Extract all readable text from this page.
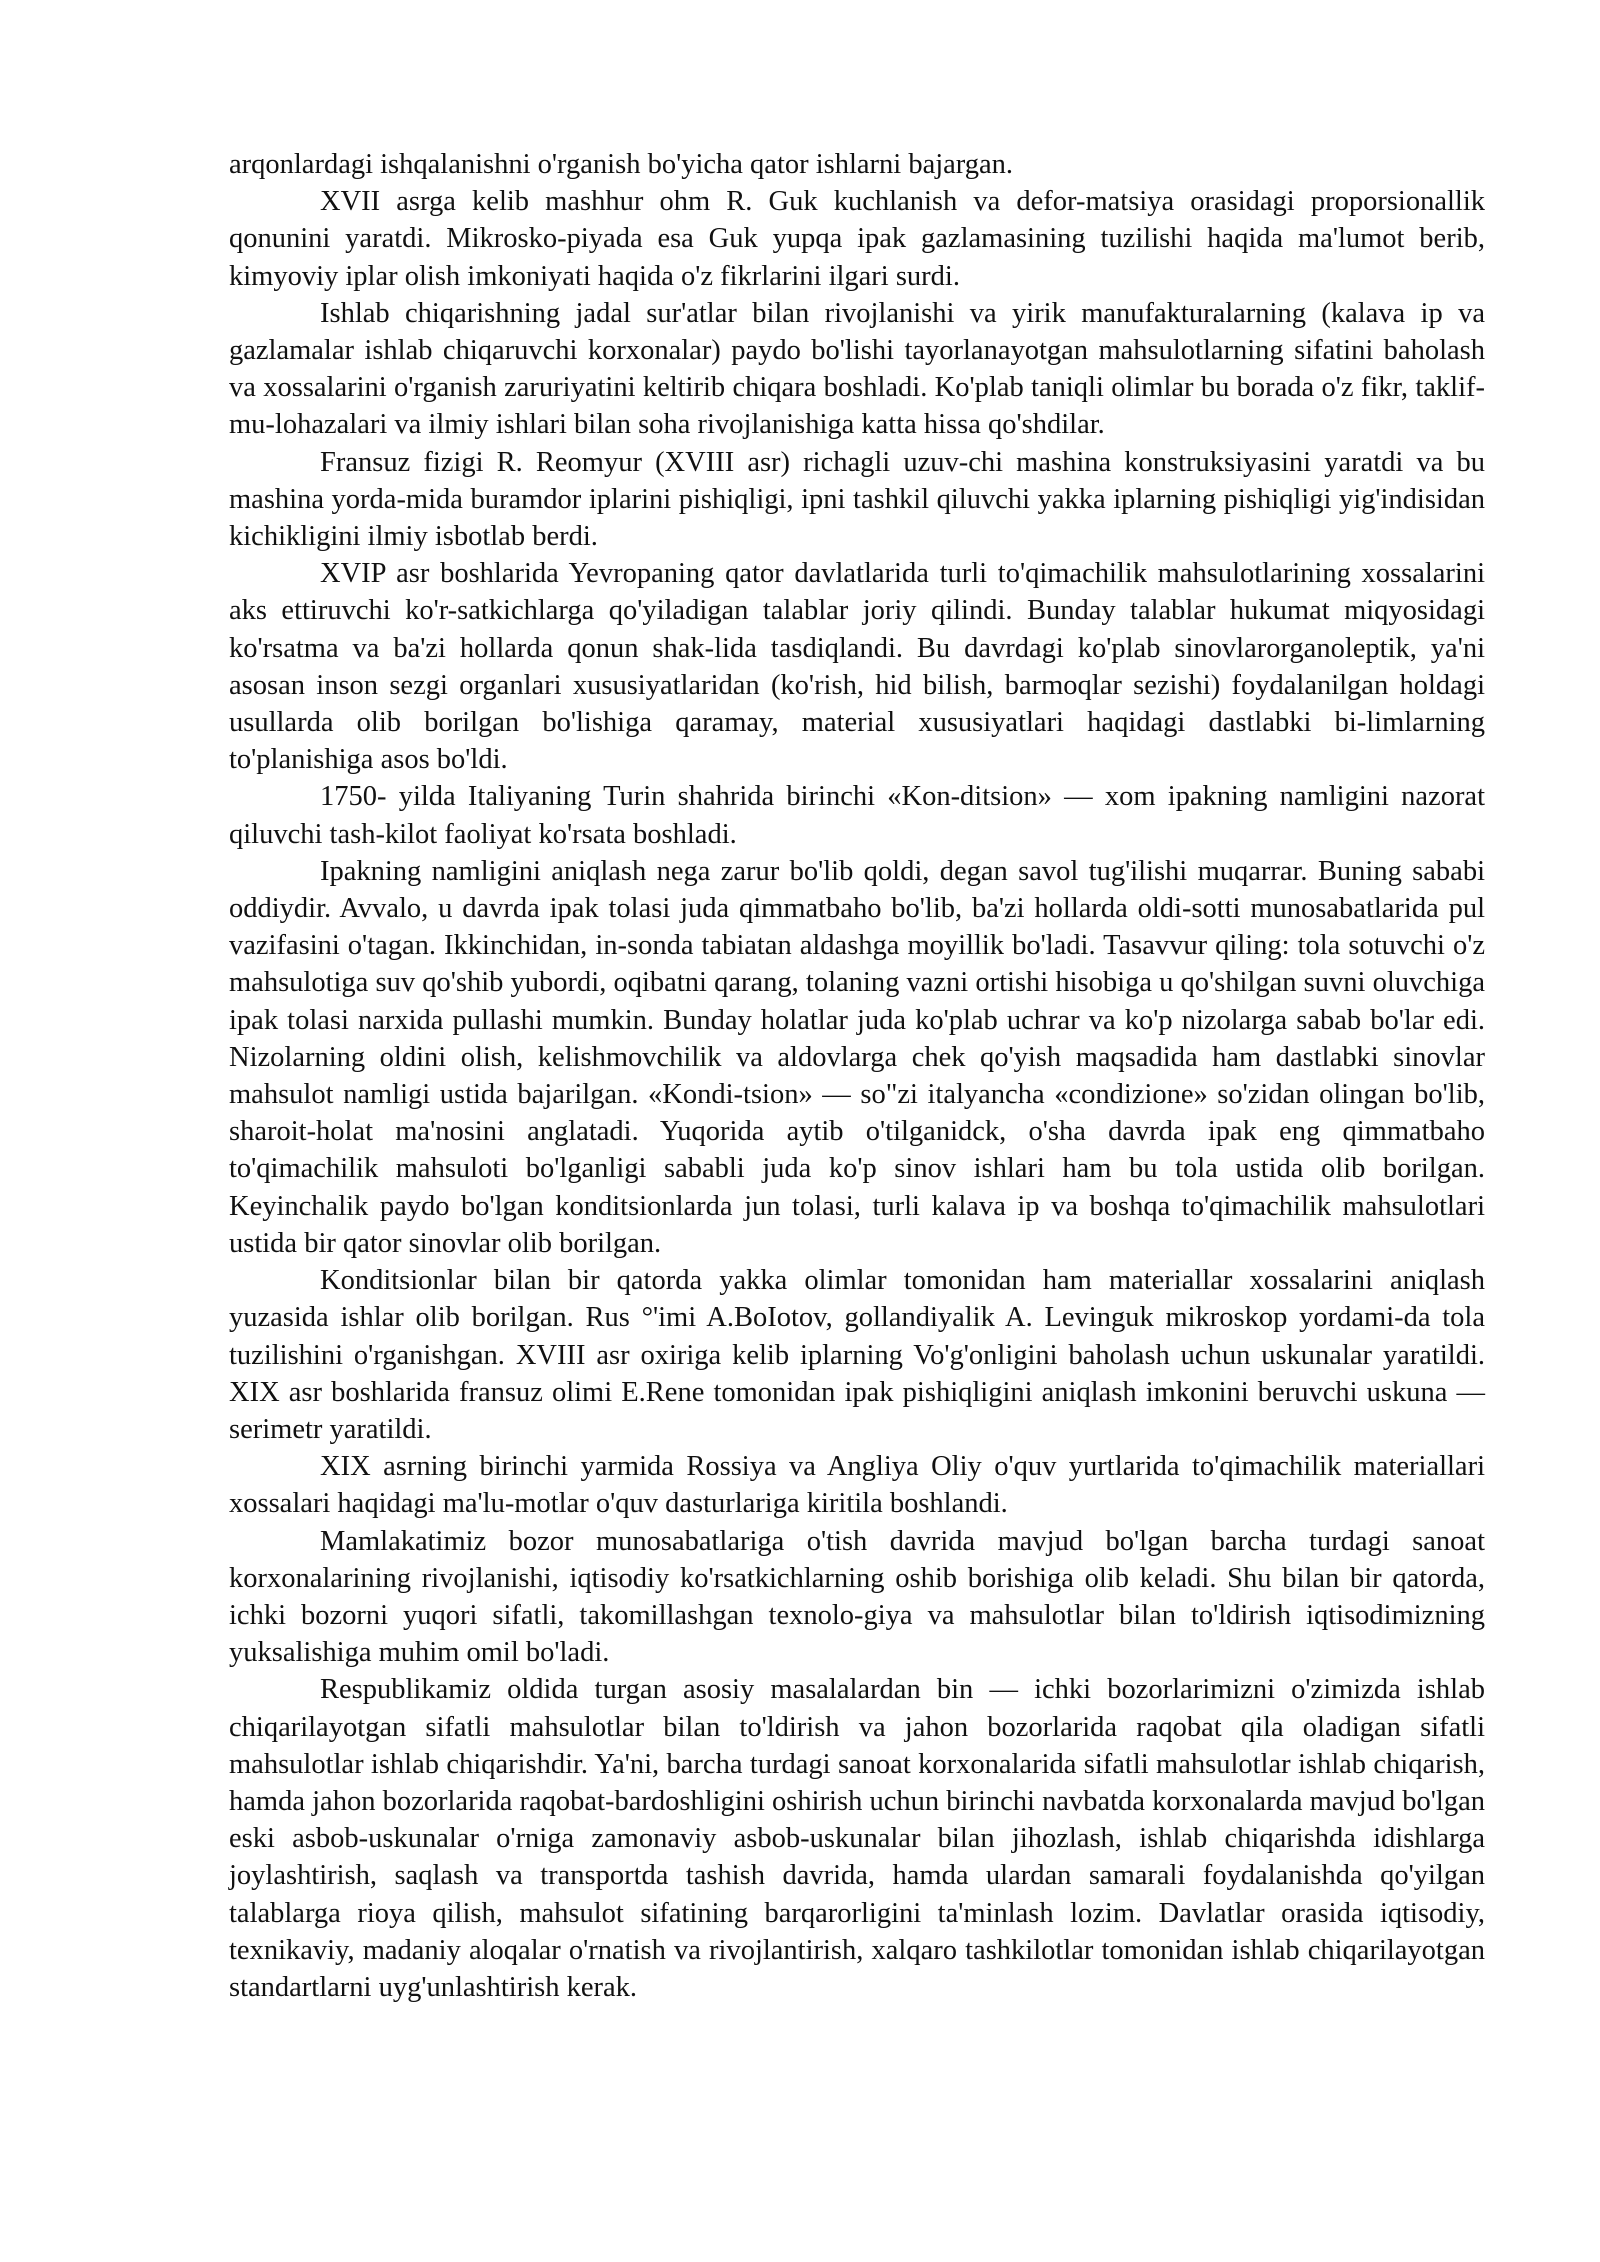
arqonlardagi ishqalanishni o'rganish bo'yicha qator ishlarni bajargan.

XVII asrga kelib mashhur ohm R. Guk kuchlanish va defor-matsiya orasidagi proporsionallik qonunini yaratdi. Mikrosko-piyada esa Guk yupqa ipak gazlamasining tuzilishi haqida ma'lumot berib, kimyoviy iplar olish imkoniyati haqida o'z fikrlarini ilgari surdi.

Ishlab chiqarishning jadal sur'atlar bilan rivojlanishi va yirik manufakturalarning (kalava ip va gazlamalar ishlab chiqaruvchi korxonalar) paydo bo'lishi tayorlanayotgan mahsulotlarning sifatini baholash va xossalarini o'rganish zaruriyatini keltirib chiqara boshladi. Ko'plab taniqli olimlar bu borada o'z fikr, taklif-mu-lohazalari va ilmiy ishlari bilan soha rivojlanishiga katta hissa qo'shdilar.

Fransuz fizigi R. Reomyur (XVIII asr) richagli uzuv-chi mashina konstruksiyasini yaratdi va bu mashina yorda-mida buramdor iplarini pishiqligi, ipni tashkil qiluvchi yakka iplarning pishiqligi yig'indisidan kichikligini ilmiy isbotlab berdi.

XVIP asr boshlarida Yevropaning qator davlatlarida turli to'qimachilik mahsulotlarining xossalarini aks ettiruvchi ko'r-satkichlarga qo'yiladigan talablar joriy qilindi. Bunday talablar hukumat miqyosidagi ko'rsatma va ba'zi hollarda qonun shak-lida tasdiqlandi. Bu davrdagi ko'plab sinovlarorganoleptik, ya'ni asosan inson sezgi organlari xususiyatlaridan (ko'rish, hid bilish, barmoqlar sezishi) foydalanilgan holdagi usullarda olib borilgan bo'lishiga qaramay, material xususiyatlari haqidagi dastlabki bi-limlarning to'planishiga asos bo'ldi.

1750- yilda Italiyaning Turin shahrida birinchi «Kon-ditsion» — xom ipakning namligini nazorat qiluvchi tash-kilot faoliyat ko'rsata boshladi.

Ipakning namligini aniqlash nega zarur bo'lib qoldi, degan savol tug'ilishi muqarrar. Buning sababi oddiydir. Avvalo, u davrda ipak tolasi juda qimmatbaho bo'lib, ba'zi hollarda oldi-sotti munosabatlarida pul vazifasini o'tagan. Ikkinchidan, in-sonda tabiatan aldashga moyillik bo'ladi. Tasavvur qiling: tola sotuvchi o'z mahsulotiga suv qo'shib yubordi, oqibatni qarang, tolaning vazni ortishi hisobiga u qo'shilgan suvni oluvchiga ipak tolasi narxida pullashi mumkin. Bunday holatlar juda ko'plab uchrar va ko'p nizolarga sabab bo'lar edi. Nizolarning oldini olish, kelishmovchilik va aldovlarga chek qo'yish maqsadida ham dastlabki sinovlar mahsulot namligi ustida bajarilgan. «Kondi-tsion» — so"zi italyancha «condizione» so'zidan olingan bo'lib, sharoit-holat ma'nosini anglatadi. Yuqorida aytib o'tilganidck, o'sha davrda ipak eng qimmatbaho to'qimachilik mahsuloti bo'lganligi sababli juda ko'p sinov ishlari ham bu tola ustida olib borilgan. Keyinchalik paydo bo'lgan konditsionlarda jun tolasi, turli kalava ip va boshqa to'qimachilik mahsulotlari ustida bir qator sinovlar olib borilgan.

Konditsionlar bilan bir qatorda yakka olimlar tomonidan ham materiallar xossalarini aniqlash yuzasida ishlar olib borilgan. Rus °'imi A.BoIotov, gollandiyalik A. Levinguk mikroskop yordami-da tola tuzilishini o'rganishgan. XVIII asr oxiriga kelib iplarning Vo'g'onligini baholash uchun uskunalar yaratildi. XIX asr boshlarida fransuz olimi E.Rene tomonidan ipak pishiqligini aniqlash imkonini beruvchi uskuna — serimetr yaratildi.

XIX asrning birinchi yarmida Rossiya va Angliya Oliy o'quv yurtlarida to'qimachilik materiallari xossalari haqidagi ma'lu-motlar o'quv dasturlariga kiritila boshlandi.

Mamlakatimiz bozor munosabatlariga o'tish davrida mavjud bo'lgan barcha turdagi sanoat korxonalarining rivojlanishi, iqtisodiy ko'rsatkichlarning oshib borishiga olib keladi. Shu bilan bir qatorda, ichki bozorni yuqori sifatli, takomillashgan texnolo-giya va mahsulotlar bilan to'ldirish iqtisodimizning yuksalishiga muhim omil bo'ladi.

Respublikamiz oldida turgan asosiy masalalardan bin — ichki bozorlarimizni o'zimizda ishlab chiqarilayotgan sifatli mahsulotlar bilan to'ldirish va jahon bozorlarida raqobat qila oladigan sifatli mahsulotlar ishlab chiqarishdir. Ya'ni, barcha turdagi sanoat korxonalarida sifatli mahsulotlar ishlab chiqarish, hamda jahon bozorlarida raqobat-bardoshligini oshirish uchun birinchi navbatda korxonalarda mavjud bo'lgan eski asbob-uskunalar o'rniga zamonaviy asbob-uskunalar bilan jihozlash, ishlab chiqarishda idishlarga joylashtirish, saqlash va transportda tashish davrida, hamda ulardan samarali foydalanishda qo'yilgan talablarga rioya qilish, mahsulot sifatining barqarorligini ta'minlash lozim. Davlatlar orasida iqtisodiy, texnikaviy, madaniy aloqalar o'rnatish va rivojlantirish, xalqaro tashkilotlar tomonidan ishlab chiqarilayotgan standartlarni uyg'unlashtirish kerak.
